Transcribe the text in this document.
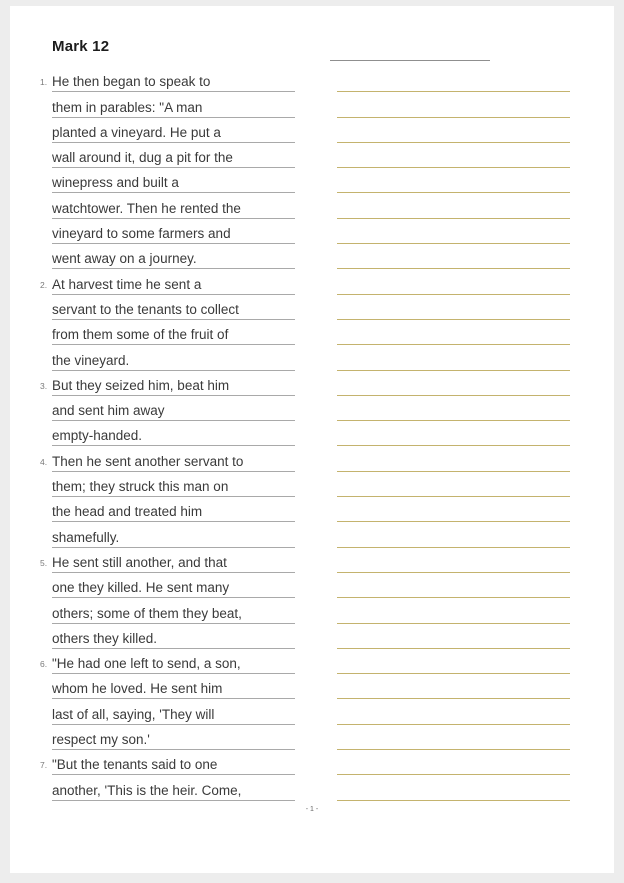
Mark 12
1. He then began to speak to
them in parables: "A man
planted a vineyard. He put a
wall around it, dug a pit for the
winepress and built a
watchtower. Then he rented the
vineyard to some farmers and
went away on a journey.
2. At harvest time he sent a
servant to the tenants to collect
from them some of the fruit of
the vineyard.
3. But they seized him, beat him
and sent him away
empty-handed.
4. Then he sent another servant to
them; they struck this man on
the head and treated him
shamefully.
5. He sent still another, and that
one they killed. He sent many
others; some of them they beat,
others they killed.
6. "He had one left to send, a son,
whom he loved. He sent him
last of all, saying, 'They will
respect my son.'
7. "But the tenants said to one
another, 'This is the heir. Come,
- 1 -
